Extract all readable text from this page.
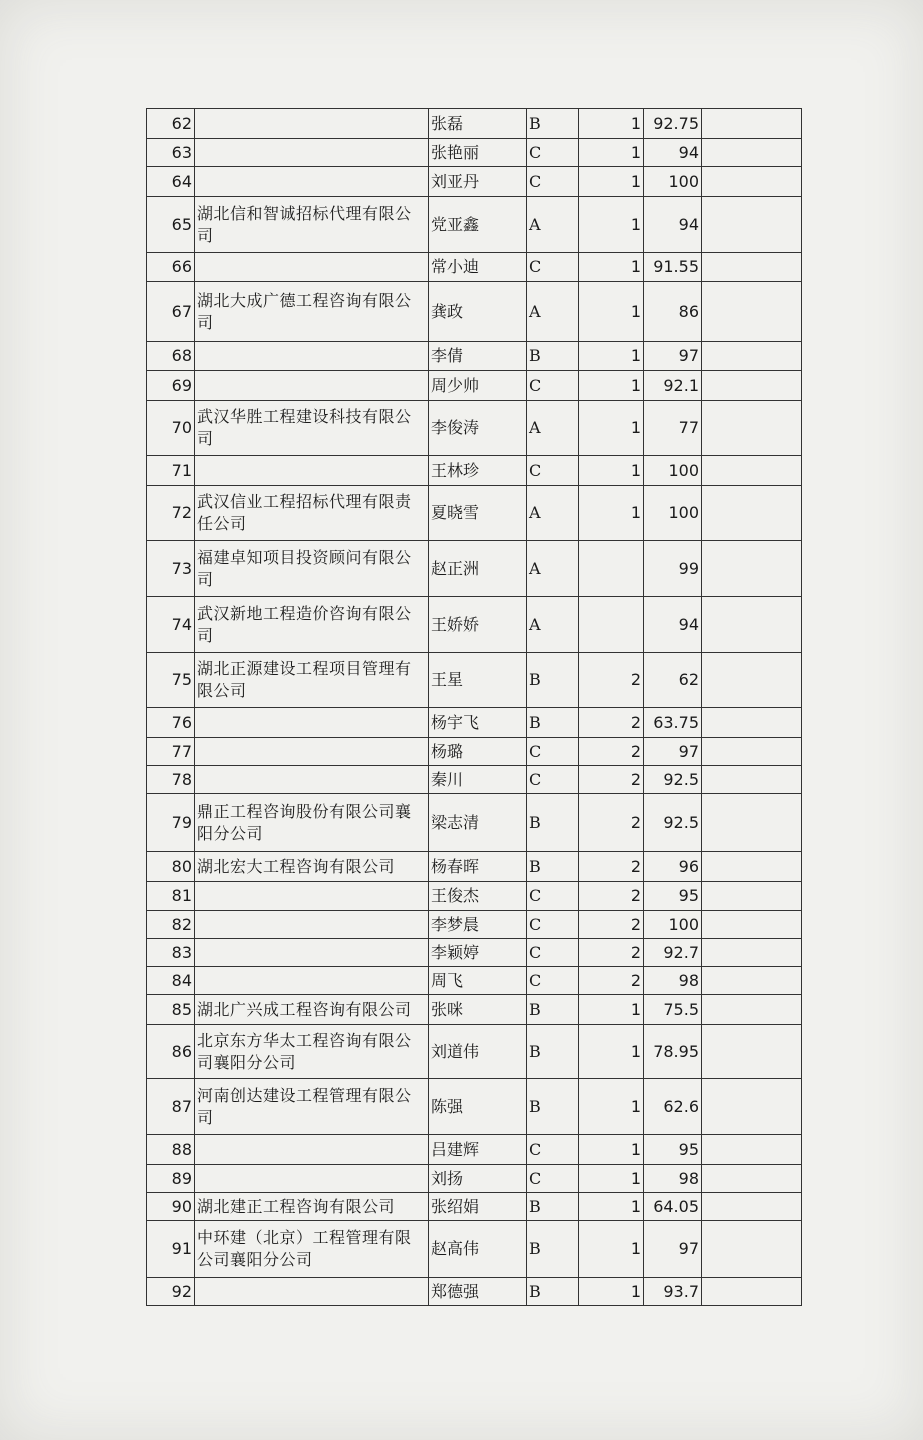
62		张磊	B	1	92.75	
63		张艳丽	C	1	94	
64		刘亚丹	C	1	100	
65	湖北信和智诚招标代理有限公司	党亚鑫	A	1	94	
66		常小迪	C	1	91.55	
67	湖北大成广德工程咨询有限公司	龚政	A	1	86	
68		李倩	B	1	97	
69		周少帅	C	1	92.1	
70	武汉华胜工程建设科技有限公司	李俊涛	A	1	77	
71		王林珍	C	1	100	
72	武汉信业工程招标代理有限责任公司	夏晓雪	A	1	100	
73	福建卓知项目投资顾问有限公司	赵正洲	A		99	
74	武汉新地工程造价咨询有限公司	王娇娇	A		94	
75	湖北正源建设工程项目管理有限公司	王星	B	2	62	
76		杨宇飞	B	2	63.75	
77		杨璐	C	2	97	
78		秦川	C	2	92.5	
79	鼎正工程咨询股份有限公司襄阳分公司	梁志清	B	2	92.5	
80	湖北宏大工程咨询有限公司	杨春晖	B	2	96	
81		王俊杰	C	2	95	
82		李梦晨	C	2	100	
83		李颖婷	C	2	92.7	
84		周飞	C	2	98	
85	湖北广兴成工程咨询有限公司	张咪	B	1	75.5	
86	北京东方华太工程咨询有限公司襄阳分公司	刘道伟	B	1	78.95	
87	河南创达建设工程管理有限公司	陈强	B	1	62.6	
88		吕建辉	C	1	95	
89		刘扬	C	1	98	
90	湖北建正工程咨询有限公司	张绍娟	B	1	64.05	
91	中环建（北京）工程管理有限公司襄阳分公司	赵高伟	B	1	97	
92		郑德强	B	1	93.7	
